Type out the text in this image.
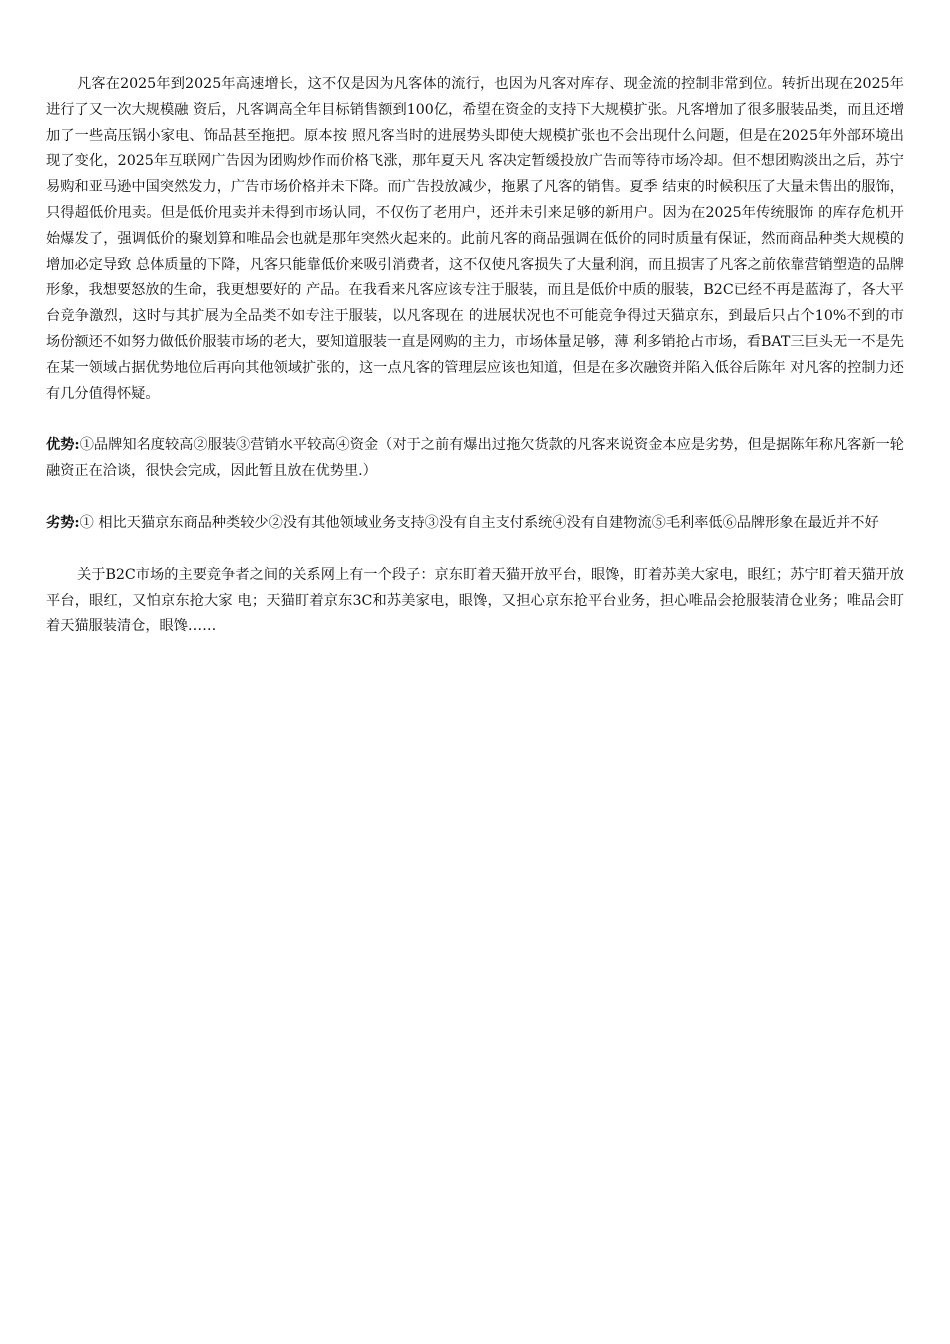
凡客在2025年到2025年高速增长，这不仅是因为凡客体的流行，也因为凡客对库存、现金流的控制非常到位。转折出现在2025年进行了又一次大规模融 资后，凡客调高全年目标销售额到100亿，希望在资金的支持下大规模扩张。凡客增加了很多服装品类，而且还增加了一些高压锅小家电、饰品甚至拖把。原本按 照凡客当时的进展势头即使大规模扩张也不会出现什么问题，但是在2025年外部环境出现了变化，2025年互联网广告因为团购炒作而价格飞涨，那年夏天凡 客决定暂缓投放广告而等待市场冷却。但不想团购淡出之后，苏宁易购和亚马逊中国突然发力，广告市场价格并未下降。而广告投放减少，拖累了凡客的销售。夏季 结束的时候积压了大量未售出的服饰，只得超低价甩卖。但是低价甩卖并未得到市场认同，不仅伤了老用户，还并未引来足够的新用户。因为在2025年传统服饰 的库存危机开始爆发了，强调低价的聚划算和唯品会也就是那年突然火起来的。此前凡客的商品强调在低价的同时质量有保证，然而商品种类大规模的增加必定导致 总体质量的下降，凡客只能靠低价来吸引消费者，这不仅使凡客损失了大量利润，而且损害了凡客之前依靠营销塑造的品牌形象，我想要怒放的生命，我更想要好的 产品。在我看来凡客应该专注于服装，而且是低价中质的服装，B2C已经不再是蓝海了，各大平台竞争激烈，这时与其扩展为全品类不如专注于服装，以凡客现在 的进展状况也不可能竞争得过天猫京东，到最后只占个10%不到的市场份额还不如努力做低价服装市场的老大，要知道服装一直是网购的主力，市场体量足够，薄 利多销抢占市场，看BAT三巨头无一不是先在某一领域占据优势地位后再向其他领域扩张的，这一点凡客的管理层应该也知道，但是在多次融资并陷入低谷后陈年 对凡客的控制力还有几分值得怀疑。

优势:①品牌知名度较高②服装③营销水平较高④资金（对于之前有爆出过拖欠货款的凡客来说资金本应是劣势，但是据陈年称凡客新一轮融资正在洽谈，很快会完成，因此暂且放在优势里.）

劣势:① 相比天猫京东商品种类较少②没有其他领域业务支持③没有自主支付系统④没有自建物流⑤毛利率低⑥品牌形象在最近并不好

关于B2C市场的主要竞争者之间的关系网上有一个段子：京东盯着天猫开放平台，眼馋，盯着苏美大家电，眼红；苏宁盯着天猫开放平台，眼红，又怕京东抢大家 电；天猫盯着京东3C和苏美家电，眼馋，又担心京东抢平台业务，担心唯品会抢服装清仓业务；唯品会盯着天猫服装清仓，眼馋……
